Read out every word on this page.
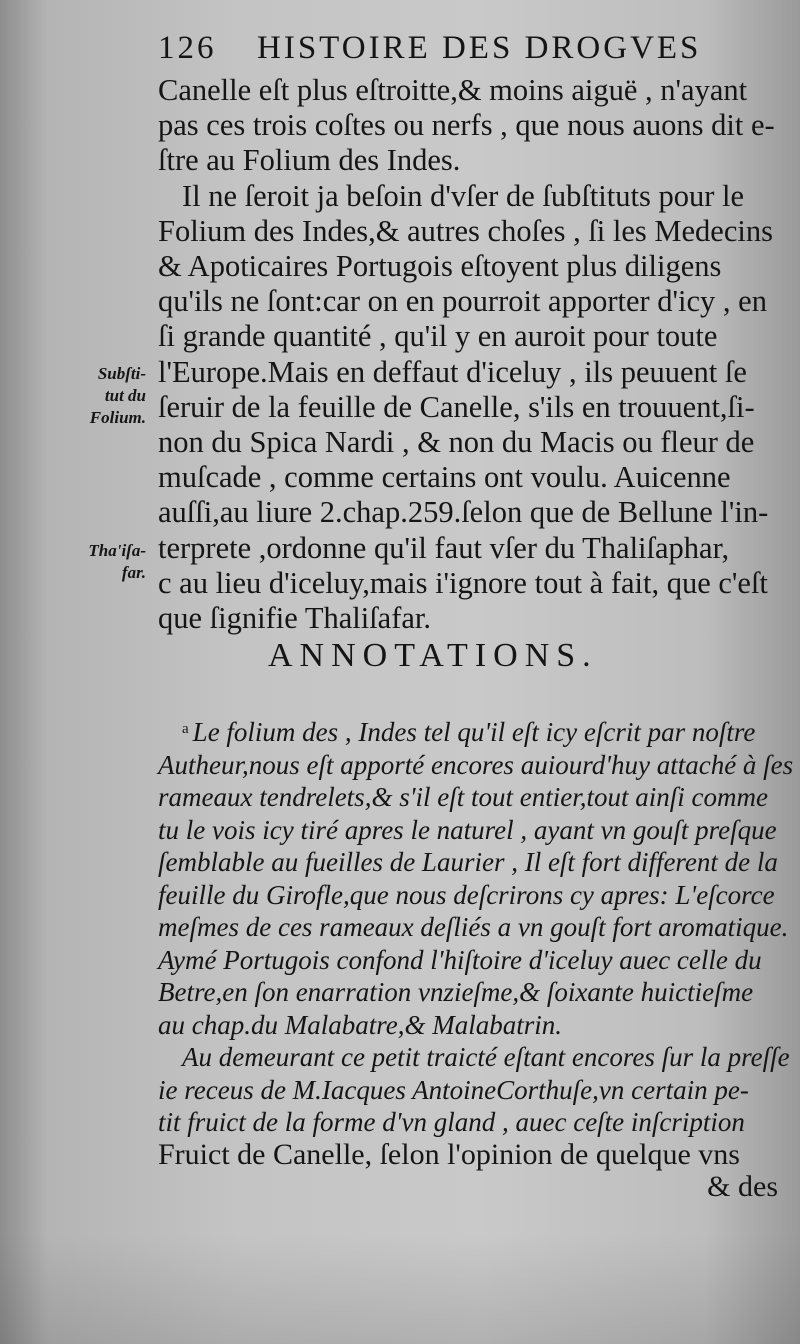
126 HISTOIRE DES DROGVES
Canelle eſt plus eſtroitte,& moins aiguë , n'ayant
pas ces trois coſtes ou nerfs , que nous auons dit e-
ſtre au Folium des Indes.
Il ne ſeroit ja beſoin d'vſer de ſubſtituts pour le
Folium des Indes,& autres choſes , ſi les Medecins
& Apoticaires Portugois eſtoyent plus diligens
qu'ils ne ſont:car on en pourroit apporter d'icy , en
ſi grande quantité , qu'il y en auroit pour toute
l'Europe.Mais en deffaut d'iceluy , ils peuuent ſe
ſeruir de la feuille de Canelle, s'ils en trouuent,ſi-
non du Spica Nardi , & non du Macis ou fleur de
muſcade , comme certains ont voulu. Auicenne
auſſi,au liure 2.chap.259.ſelon que de Bellune l'in-
terprete ,ordonne qu'il faut vſer du Thaliſaphar,
c au lieu d'iceluy,mais i'ignore tout à fait, que c'eſt
que ſignifie Thaliſafar.
Subſti-
tut du
Folium.
Tha'iſa-
far.
ANNOTATIONS.
$^a$ Le folium des , Indes tel qu'il eſt icy eſcrit par noſtre
Autheur,nous eſt apporté encores auiourd'huy attaché à ſes
rameaux tendrelets,& s'il eſt tout entier,tout ainſi comme
tu le vois icy tiré apres le naturel , ayant vn gouſt preſque
ſemblable au fueilles de Laurier , Il eſt fort different de la
feuille du Girofle,que nous deſcrirons cy apres: L'eſcorce
meſmes de ces rameaux deſliés a vn gouſt fort aromatique.
Aymé Portugois confond l'hiſtoire d'iceluy auec celle du
Betre,en ſon enarration vnzieſme,& ſoixante huictieſme
au chap.du Malabatre,& Malabatrin.
Au demeurant ce petit traicté eſtant encores ſur la preſſe
ie receus de M.Iacques AntoineCorthuſe,vn certain pe-
tit fruict de la forme d'vn gland , auec ceſte inſcription
Fruict de Canelle, ſelon l'opinion de quelque vns
& des
